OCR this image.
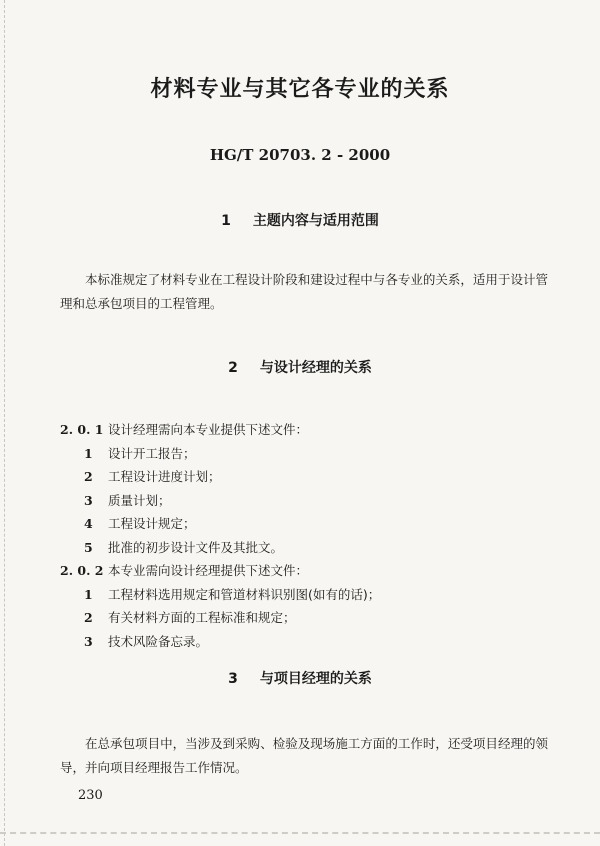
材料专业与其它各专业的关系
HG/T 20703. 2 - 2000
1 主题内容与适用范围
本标准规定了材料专业在工程设计阶段和建设过程中与各专业的关系，适用于设计管理和总承包项目的工程管理。
2 与设计经理的关系
2. 0. 1 设计经理需向本专业提供下述文件：
1 设计开工报告；
2 工程设计进度计划；
3 质量计划；
4 工程设计规定；
5 批准的初步设计文件及其批文。
2. 0. 2 本专业需向设计经理提供下述文件：
1 工程材料选用规定和管道材料识别图(如有的话)；
2 有关材料方面的工程标准和规定；
3 技术风险备忘录。
3 与项目经理的关系
在总承包项目中，当涉及到采购、检验及现场施工方面的工作时，还受项目经理的领导，并向项目经理报告工作情况。
230
